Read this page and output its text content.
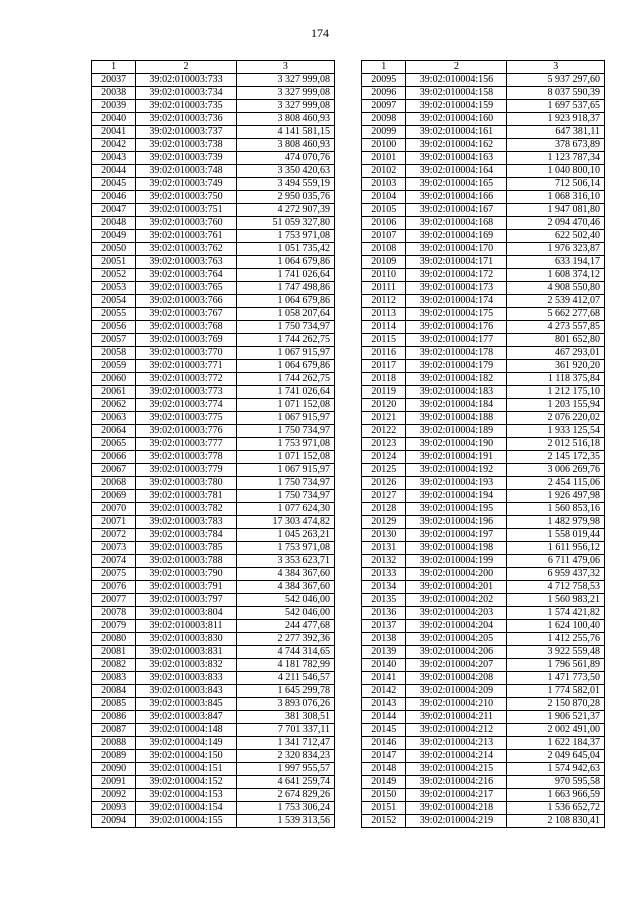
174
1	2	3
20037	39:02:010003:733	3 327 999,08
20038	39:02:010003:734	3 327 999,08
20039	39:02:010003:735	3 327 999,08
20040	39:02:010003:736	3 808 460,93
20041	39:02:010003:737	4 141 581,15
20042	39:02:010003:738	3 808 460,93
20043	39:02:010003:739	474 070,76
20044	39:02:010003:748	3 350 420,63
20045	39:02:010003:749	3 494 559,19
20046	39:02:010003:750	2 950 035,76
20047	39:02:010003:751	4 272 907,39
20048	39:02:010003:760	51 059 327,80
20049	39:02:010003:761	1 753 971,08
20050	39:02:010003:762	1 051 735,42
20051	39:02:010003:763	1 064 679,86
20052	39:02:010003:764	1 741 026,64
20053	39:02:010003:765	1 747 498,86
20054	39:02:010003:766	1 064 679,86
20055	39:02:010003:767	1 058 207,64
20056	39:02:010003:768	1 750 734,97
20057	39:02:010003:769	1 744 262,75
20058	39:02:010003:770	1 067 915,97
20059	39:02:010003:771	1 064 679,86
20060	39:02:010003:772	1 744 262,75
20061	39:02:010003:773	1 741 026,64
20062	39:02:010003:774	1 071 152,08
20063	39:02:010003:775	1 067 915,97
20064	39:02:010003:776	1 750 734,97
20065	39:02:010003:777	1 753 971,08
20066	39:02:010003:778	1 071 152,08
20067	39:02:010003:779	1 067 915,97
20068	39:02:010003:780	1 750 734,97
20069	39:02:010003:781	1 750 734,97
20070	39:02:010003:782	1 077 624,30
20071	39:02:010003:783	17 303 474,82
20072	39:02:010003:784	1 045 263,21
20073	39:02:010003:785	1 753 971,08
20074	39:02:010003:788	3 353 623,71
20075	39:02:010003:790	4 384 367,60
20076	39:02:010003:791	4 384 367,60
20077	39:02:010003:797	542 046,00
20078	39:02:010003:804	542 046,00
20079	39:02:010003:811	244 477,68
20080	39:02:010003:830	2 277 392,36
20081	39:02:010003:831	4 744 314,65
20082	39:02:010003:832	4 181 782,99
20083	39:02:010003:833	4 211 546,57
20084	39:02:010003:843	1 645 299,78
20085	39:02:010003:845	3 893 076,26
20086	39:02:010003:847	381 308,51
20087	39:02:010004:148	7 701 337,11
20088	39:02:010004:149	1 341 712,47
20089	39:02:010004:150	2 320 834,23
20090	39:02:010004:151	1 997 955,57
20091	39:02:010004:152	4 641 259,74
20092	39:02:010004:153	2 674 829,26
20093	39:02:010004:154	1 753 306,24
20094	39:02:010004:155	1 539 313,56
1	2	3
20095	39:02:010004:156	5 937 297,60
20096	39:02:010004:158	8 037 590,39
20097	39:02:010004:159	1 697 537,65
20098	39:02:010004:160	1 923 918,37
20099	39:02:010004:161	647 381,11
20100	39:02:010004:162	378 673,89
20101	39:02:010004:163	1 123 787,34
20102	39:02:010004:164	1 040 800,10
20103	39:02:010004:165	712 506,14
20104	39:02:010004:166	1 068 316,10
20105	39:02:010004:167	1 947 081,80
20106	39:02:010004:168	2 094 470,46
20107	39:02:010004:169	622 502,40
20108	39:02:010004:170	1 976 323,87
20109	39:02:010004:171	633 194,17
20110	39:02:010004:172	1 608 374,12
20111	39:02:010004:173	4 908 550,80
20112	39:02:010004:174	2 539 412,07
20113	39:02:010004:175	5 662 277,68
20114	39:02:010004:176	4 273 557,85
20115	39:02:010004:177	801 652,80
20116	39:02:010004:178	467 293,01
20117	39:02:010004:179	361 920,20
20118	39:02:010004:182	1 118 375,84
20119	39:02:010004:183	1 212 175,10
20120	39:02:010004:184	1 203 155,94
20121	39:02:010004:188	2 076 220,02
20122	39:02:010004:189	1 933 125,54
20123	39:02:010004:190	2 012 516,18
20124	39:02:010004:191	2 145 172,35
20125	39:02:010004:192	3 006 269,76
20126	39:02:010004:193	2 454 115,06
20127	39:02:010004:194	1 926 497,98
20128	39:02:010004:195	1 560 853,16
20129	39:02:010004:196	1 482 979,98
20130	39:02:010004:197	1 558 019,44
20131	39:02:010004:198	1 611 956,12
20132	39:02:010004:199	6 711 479,06
20133	39:02:010004:200	6 959 437,32
20134	39:02:010004:201	4 712 758,53
20135	39:02:010004:202	1 560 983,21
20136	39:02:010004:203	1 574 421,82
20137	39:02:010004:204	1 624 100,40
20138	39:02:010004:205	1 412 255,76
20139	39:02:010004:206	3 922 559,48
20140	39:02:010004:207	1 796 561,89
20141	39:02:010004:208	1 471 773,50
20142	39:02:010004:209	1 774 582,01
20143	39:02:010004:210	2 150 870,28
20144	39:02:010004:211	1 906 521,37
20145	39:02:010004:212	2 002 491,00
20146	39:02:010004:213	1 622 184,37
20147	39:02:010004:214	2 049 645,04
20148	39:02:010004:215	1 574 942,63
20149	39:02:010004:216	970 595,58
20150	39:02:010004:217	1 663 966,59
20151	39:02:010004:218	1 536 652,72
20152	39:02:010004:219	2 108 830,41
